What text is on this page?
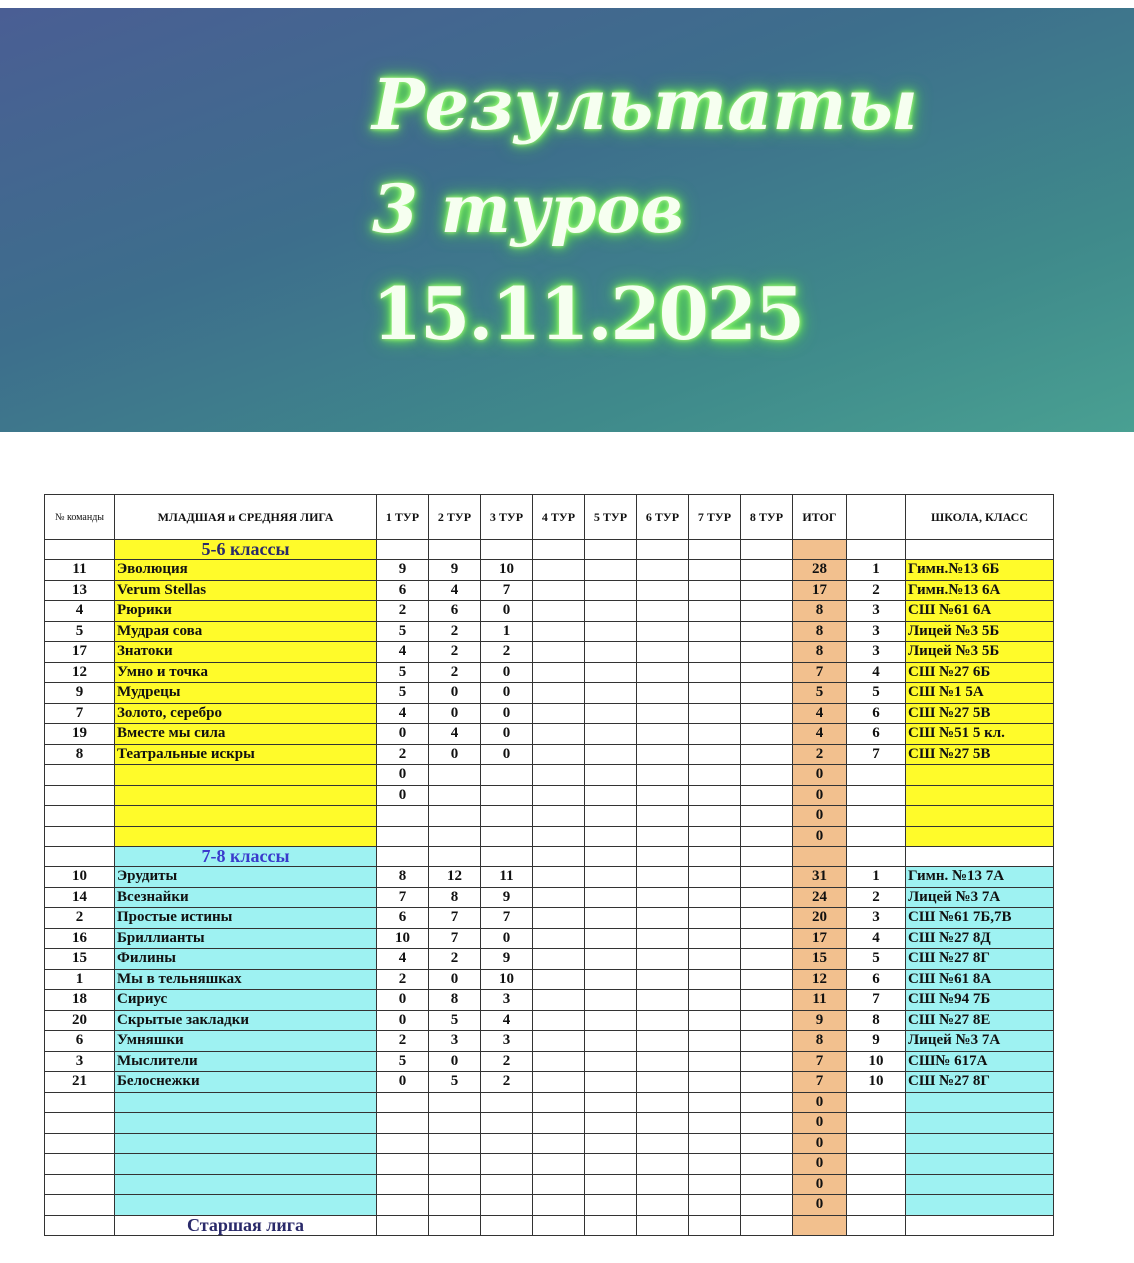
Результаты

3 туров

15.11.2025

№ команды	МЛАДШАЯ и СРЕДНЯЯ ЛИГА	1 ТУР	2 ТУР	3 ТУР	4 ТУР	5 ТУР	6 ТУР	7 ТУР	8 ТУР	ИТОГ		ШКОЛА, КЛАСС
	5-6 классы											
11	Эволюция	9	9	10						28	1	Гимн.№13 6Б
13	Verum Stellas	6	4	7						17	2	Гимн.№13 6А
4	Рюрики	2	6	0						8	3	СШ №61 6А
5	Мудрая сова	5	2	1						8	3	Лицей №3 5Б
17	Знатоки	4	2	2						8	3	Лицей №3 5Б
12	Умно и точка	5	2	0						7	4	СШ №27 6Б
9	Мудрецы	5	0	0						5	5	СШ №1 5А
7	Золото, серебро	4	0	0						4	6	СШ №27 5В
19	Вместе мы сила	0	4	0						4	6	СШ №51 5 кл.
8	Театральные искры	2	0	0						2	7	СШ №27 5В
		0								0		
		0								0		
										0		
										0		
	7-8 классы											
10	Эрудиты	8	12	11						31	1	Гимн. №13 7А
14	Всезнайки	7	8	9						24	2	Лицей №3 7А
2	Простые истины	6	7	7						20	3	СШ №61 7Б,7В
16	Бриллианты	10	7	0						17	4	СШ №27 8Д
15	Филины	4	2	9						15	5	СШ №27 8Г
1	Мы в тельняшках	2	0	10						12	6	СШ №61 8А
18	Сириус	0	8	3						11	7	СШ №94 7Б
20	Скрытые закладки	0	5	4						9	8	СШ №27 8Е
6	Умняшки	2	3	3						8	9	Лицей №3 7А
3	Мыслители	5	0	2						7	10	СШ№ 617А
21	Белоснежки	0	5	2						7	10	СШ №27 8Г
										0		
										0		
										0		
										0		
										0		
										0		
	Старшая лига											
